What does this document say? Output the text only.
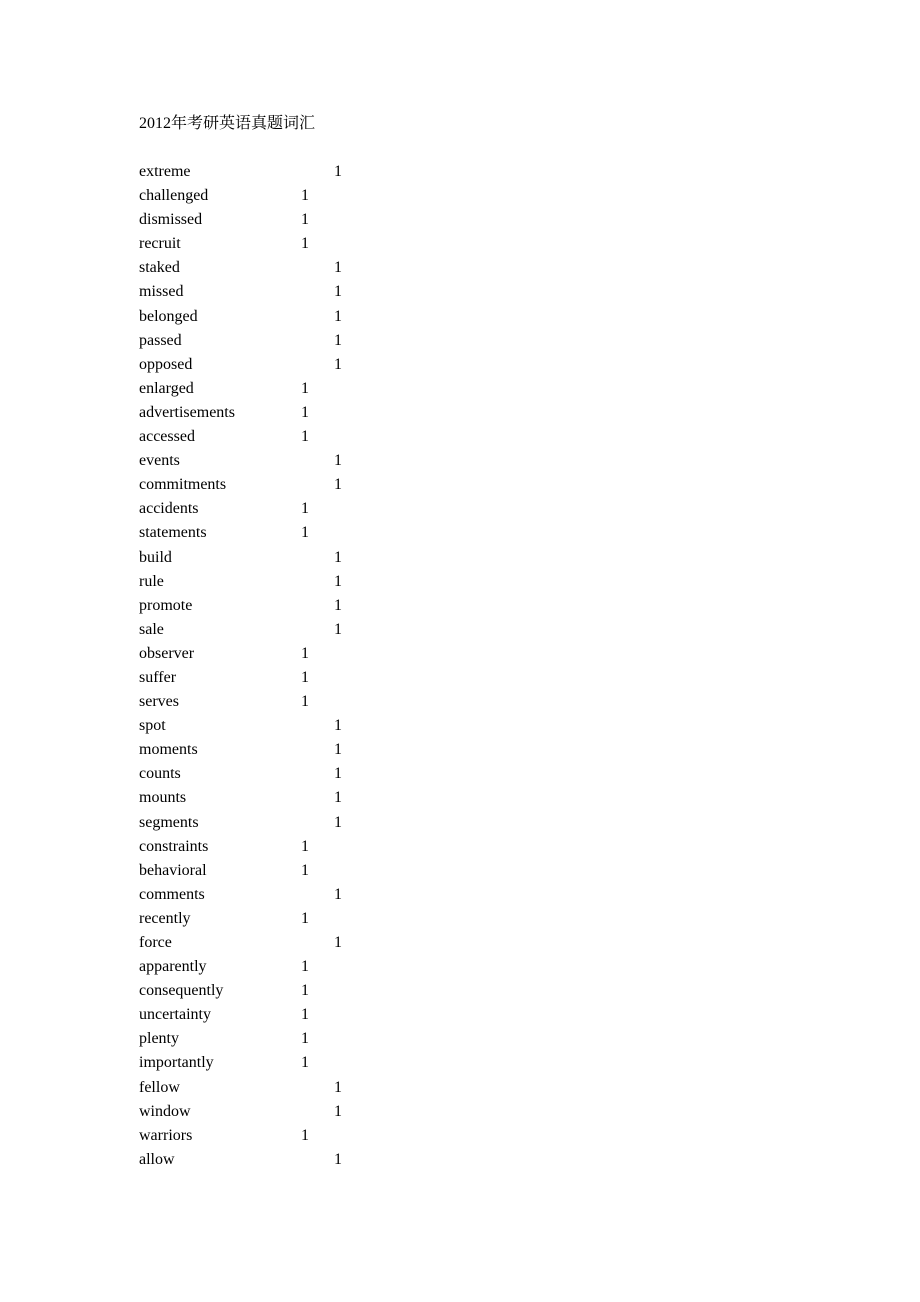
2012年考研英语真题词汇
extreme	1
challenged	1
dismissed	1
recruit	1
staked	1
missed	1
belonged	1
passed	1
opposed	1
enlarged	1
advertisements	1
accessed	1
events	1
commitments	1
accidents	1
statements	1
build	1
rule	1
promote	1
sale	1
observer	1
suffer	1
serves	1
spot	1
moments	1
counts	1
mounts	1
segments	1
constraints	1
behavioral	1
comments	1
recently	1
force	1
apparently	1
consequently	1
uncertainty	1
plenty	1
importantly	1
fellow	1
window	1
warriors	1
allow	1
